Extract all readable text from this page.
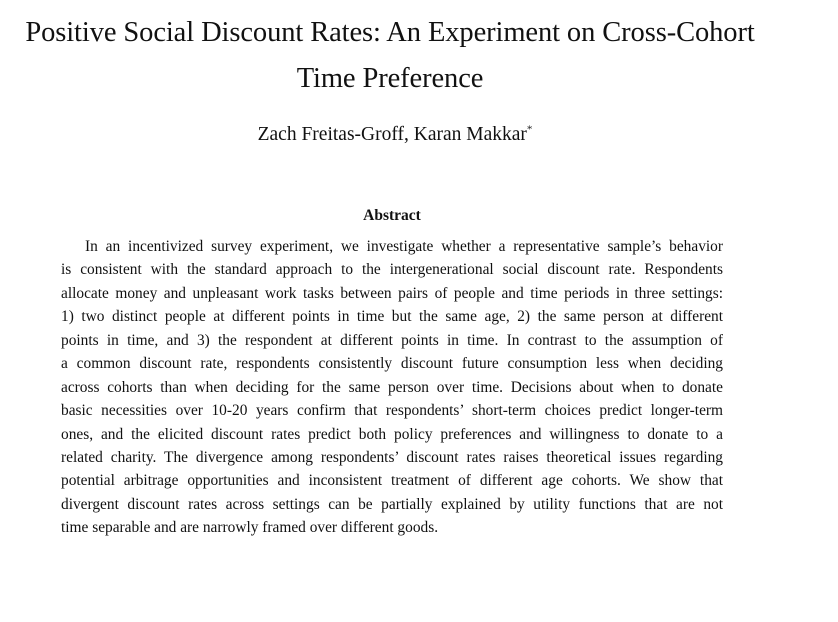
Positive Social Discount Rates: An Experiment on Cross-Cohort
Time Preference
Zach Freitas-Groff, Karan Makkar*
Abstract
In an incentivized survey experiment, we investigate whether a representative sample’s behavior
is consistent with the standard approach to the intergenerational social discount rate. Respondents
allocate money and unpleasant work tasks between pairs of people and time periods in three settings:
1) two distinct people at different points in time but the same age, 2) the same person at different
points in time, and 3) the respondent at different points in time. In contrast to the assumption of
a common discount rate, respondents consistently discount future consumption less when deciding
across cohorts than when deciding for the same person over time. Decisions about when to donate
basic necessities over 10-20 years confirm that respondents’ short-term choices predict longer-term
ones, and the elicited discount rates predict both policy preferences and willingness to donate to a
related charity. The divergence among respondents’ discount rates raises theoretical issues regarding
potential arbitrage opportunities and inconsistent treatment of different age cohorts. We show that
divergent discount rates across settings can be partially explained by utility functions that are not
time separable and are narrowly framed over different goods.
